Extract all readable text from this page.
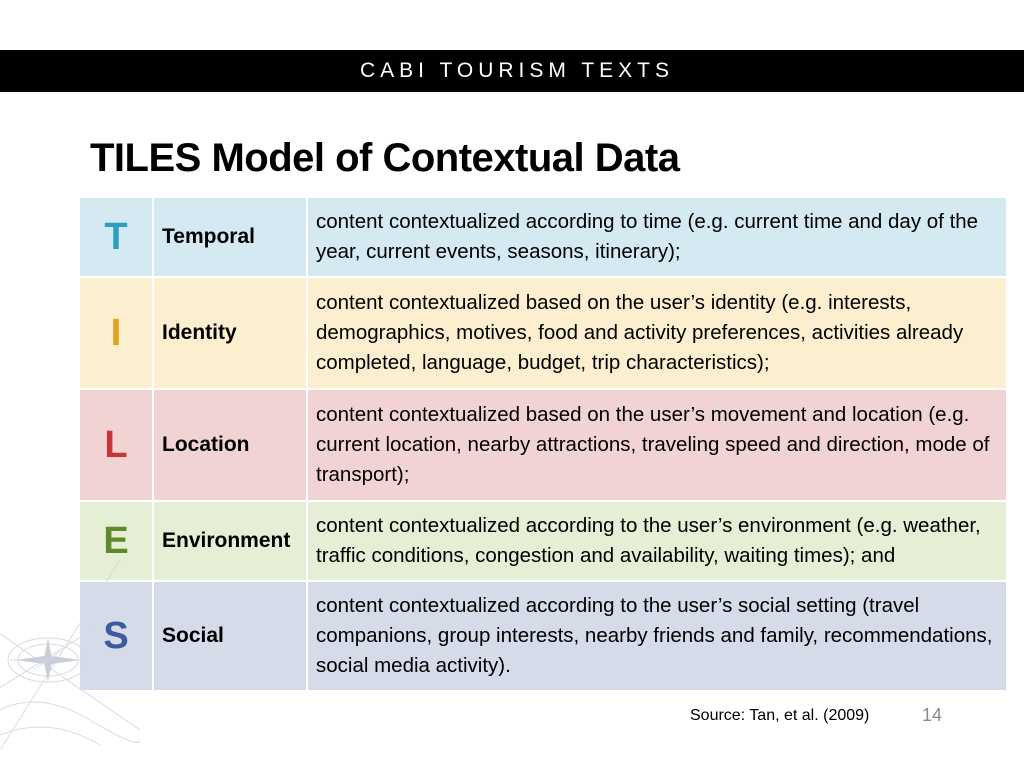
CABI TOURISM TEXTS
TILES Model of Contextual Data
T	Temporal	content contextualized according to time (e.g. current time and day of the year, current events, seasons, itinerary);
I	Identity	content contextualized based on the user’s identity (e.g. interests, demographics, motives, food and activity preferences, activities already completed, language, budget, trip characteristics);
L	Location	content contextualized based on the user’s movement and location (e.g. current location, nearby attractions, traveling speed and direction, mode of transport);
E	Environment	content contextualized according to the user’s environment (e.g. weather, traffic conditions, congestion and availability, waiting times); and
S	Social	content contextualized according to the user’s social setting (travel companions, group interests, nearby friends and family, recommendations, social media activity).
Source: Tan, et al. (2009)	14
